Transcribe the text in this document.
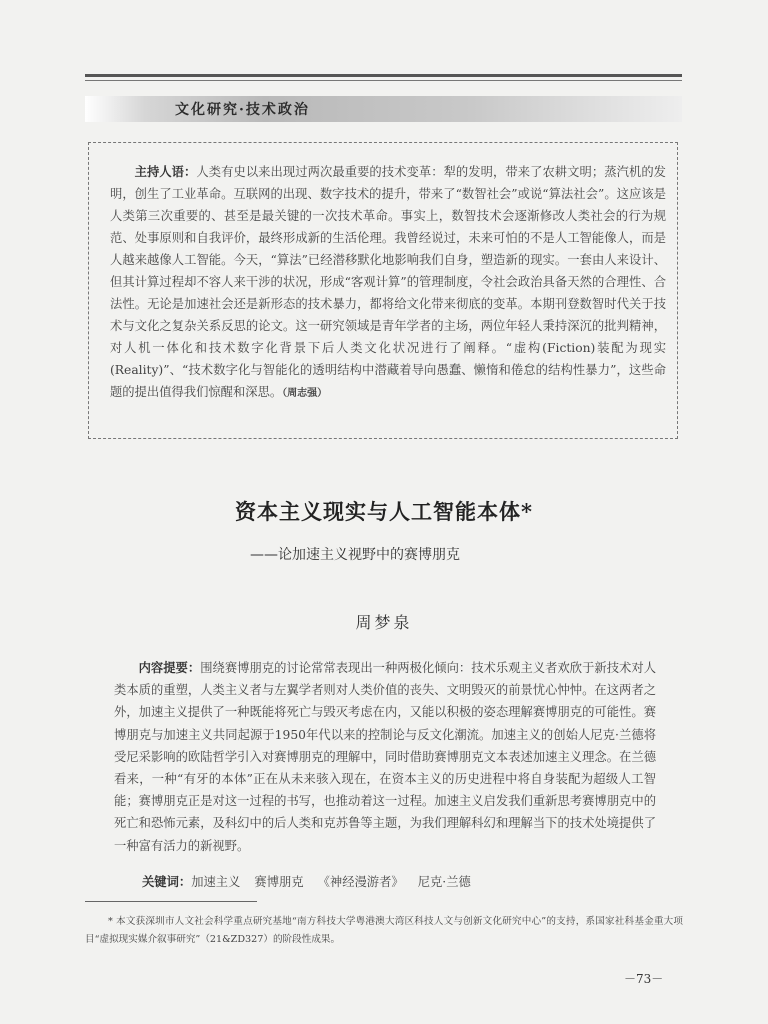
文化研究·技术政治

主持人语：人类有史以来出现过两次最重要的技术变革：犁的发明，带来了农耕文明；蒸汽机的发明，创生了工业革命。互联网的出现、数字技术的提升，带来了“数智社会”或说“算法社会”。这应该是人类第三次重要的、甚至是最关键的一次技术革命。事实上，数智技术会逐渐修改人类社会的行为规范、处事原则和自我评价，最终形成新的生活伦理。我曾经说过，未来可怕的不是人工智能像人，而是人越来越像人工智能。今天，“算法”已经潜移默化地影响我们自身，塑造新的现实。一套由人来设计、但其计算过程却不容人来干涉的状况，形成“客观计算”的管理制度，令社会政治具备天然的合理性、合法性。无论是加速社会还是新形态的技术暴力，都将给文化带来彻底的变革。本期刊登数智时代关于技术与文化之复杂关系反思的论文。这一研究领域是青年学者的主场，两位年轻人秉持深沉的批判精神，对人机一体化和技术数字化背景下后人类文化状况进行了阐释。“虚构(Fiction)装配为现实(Reality)”、“技术数字化与智能化的透明结构中潜藏着导向愚蠢、懒惰和倦怠的结构性暴力”，这些命题的提出值得我们惊醒和深思。（周志强）

资本主义现实与人工智能本体*
——论加速主义视野中的赛博朋克
周梦泉

内容提要：围绕赛博朋克的讨论常常表现出一种两极化倾向：技术乐观主义者欢欣于新技术对人类本质的重塑，人类主义者与左翼学者则对人类价值的丧失、文明毁灭的前景忧心忡忡。在这两者之外，加速主义提供了一种既能将死亡与毁灭考虑在内，又能以积极的姿态理解赛博朋克的可能性。赛博朋克与加速主义共同起源于1950年代以来的控制论与反文化潮流。加速主义的创始人尼克·兰德将受尼采影响的欧陆哲学引入对赛博朋克的理解中，同时借助赛博朋克文本表述加速主义理念。在兰德看来，一种“有牙的本体”正在从未来骇入现在，在资本主义的历史进程中将自身装配为超级人工智能；赛博朋克正是对这一过程的书写，也推动着这一过程。加速主义启发我们重新思考赛博朋克中的死亡和恐怖元素，及科幻中的后人类和克苏鲁等主题，为我们理解科幻和理解当下的技术处境提供了一种富有活力的新视野。

关键词：加速主义 赛博朋克 《神经漫游者》 尼克·兰德

* 本文获深圳市人文社会科学重点研究基地“南方科技大学粤港澳大湾区科技人文与创新文化研究中心”的支持，系国家社科基金重大项目“虚拟现实媒介叙事研究”（21&ZD327）的阶段性成果。

－73－
